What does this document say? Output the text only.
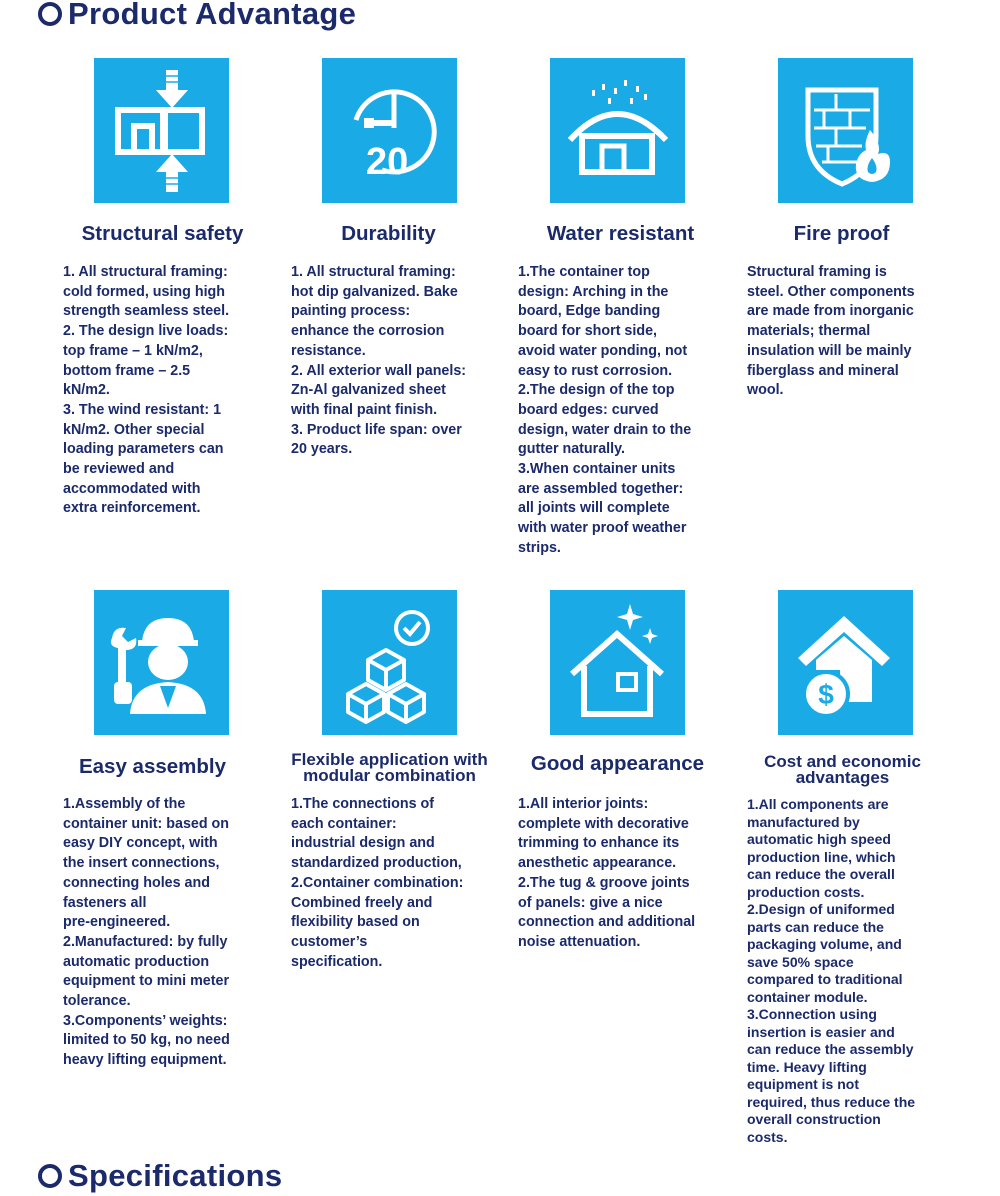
Product Advantage
Structural safety
1. All structural framing:
cold formed, using high
strength seamless steel.
2. The design live loads:
top frame – 1 kN/m2,
bottom frame – 2.5
kN/m2.
3. The wind resistant: 1
kN/m2. Other special
loading parameters can
be reviewed and
accommodated with
extra reinforcement.
20
Durability
1. All structural framing:
hot dip galvanized. Bake
painting process:
enhance the corrosion
resistance.
2. All exterior wall panels:
Zn-Al galvanized sheet
with final paint finish.
3. Product life span: over
20 years.
Water resistant
1.The container top
design: Arching in the
board, Edge banding
board for short side,
avoid water ponding, not
easy to rust corrosion.
2.The design of the top
board edges: curved
design, water drain to the
gutter naturally.
3.When container units
are assembled together:
all joints will complete
with water proof weather
strips.
Fire proof
Structural framing is
steel. Other components
are made from inorganic
materials; thermal
insulation will be mainly
fiberglass and mineral
wool.
Easy assembly
1.Assembly of the
container unit: based on
easy DIY concept, with
the insert connections,
connecting holes and
fasteners all
pre-engineered.
2.Manufactured: by fully
automatic production
equipment to mini meter
tolerance.
3.Components’ weights:
limited to 50 kg, no need
heavy lifting equipment.
Flexible application with
modular combination
1.The connections of
each container:
industrial design and
standardized production,
2.Container combination:
Combined freely and
flexibility based on
customer’s
specification.
Good appearance
1.All interior joints:
complete with decorative
trimming to enhance its
anesthetic appearance.
2.The tug & groove joints
of panels: give a nice
connection and additional
noise attenuation.
$
Cost and economic
advantages
1.All components are
manufactured by
automatic high speed
production line, which
can reduce the overall
production costs.
2.Design of uniformed
parts can reduce the
packaging volume, and
save 50% space
compared to traditional
container module.
3.Connection using
insertion is easier and
can reduce the assembly
time. Heavy lifting
equipment is not
required, thus reduce the
overall construction
costs.
Specifications
